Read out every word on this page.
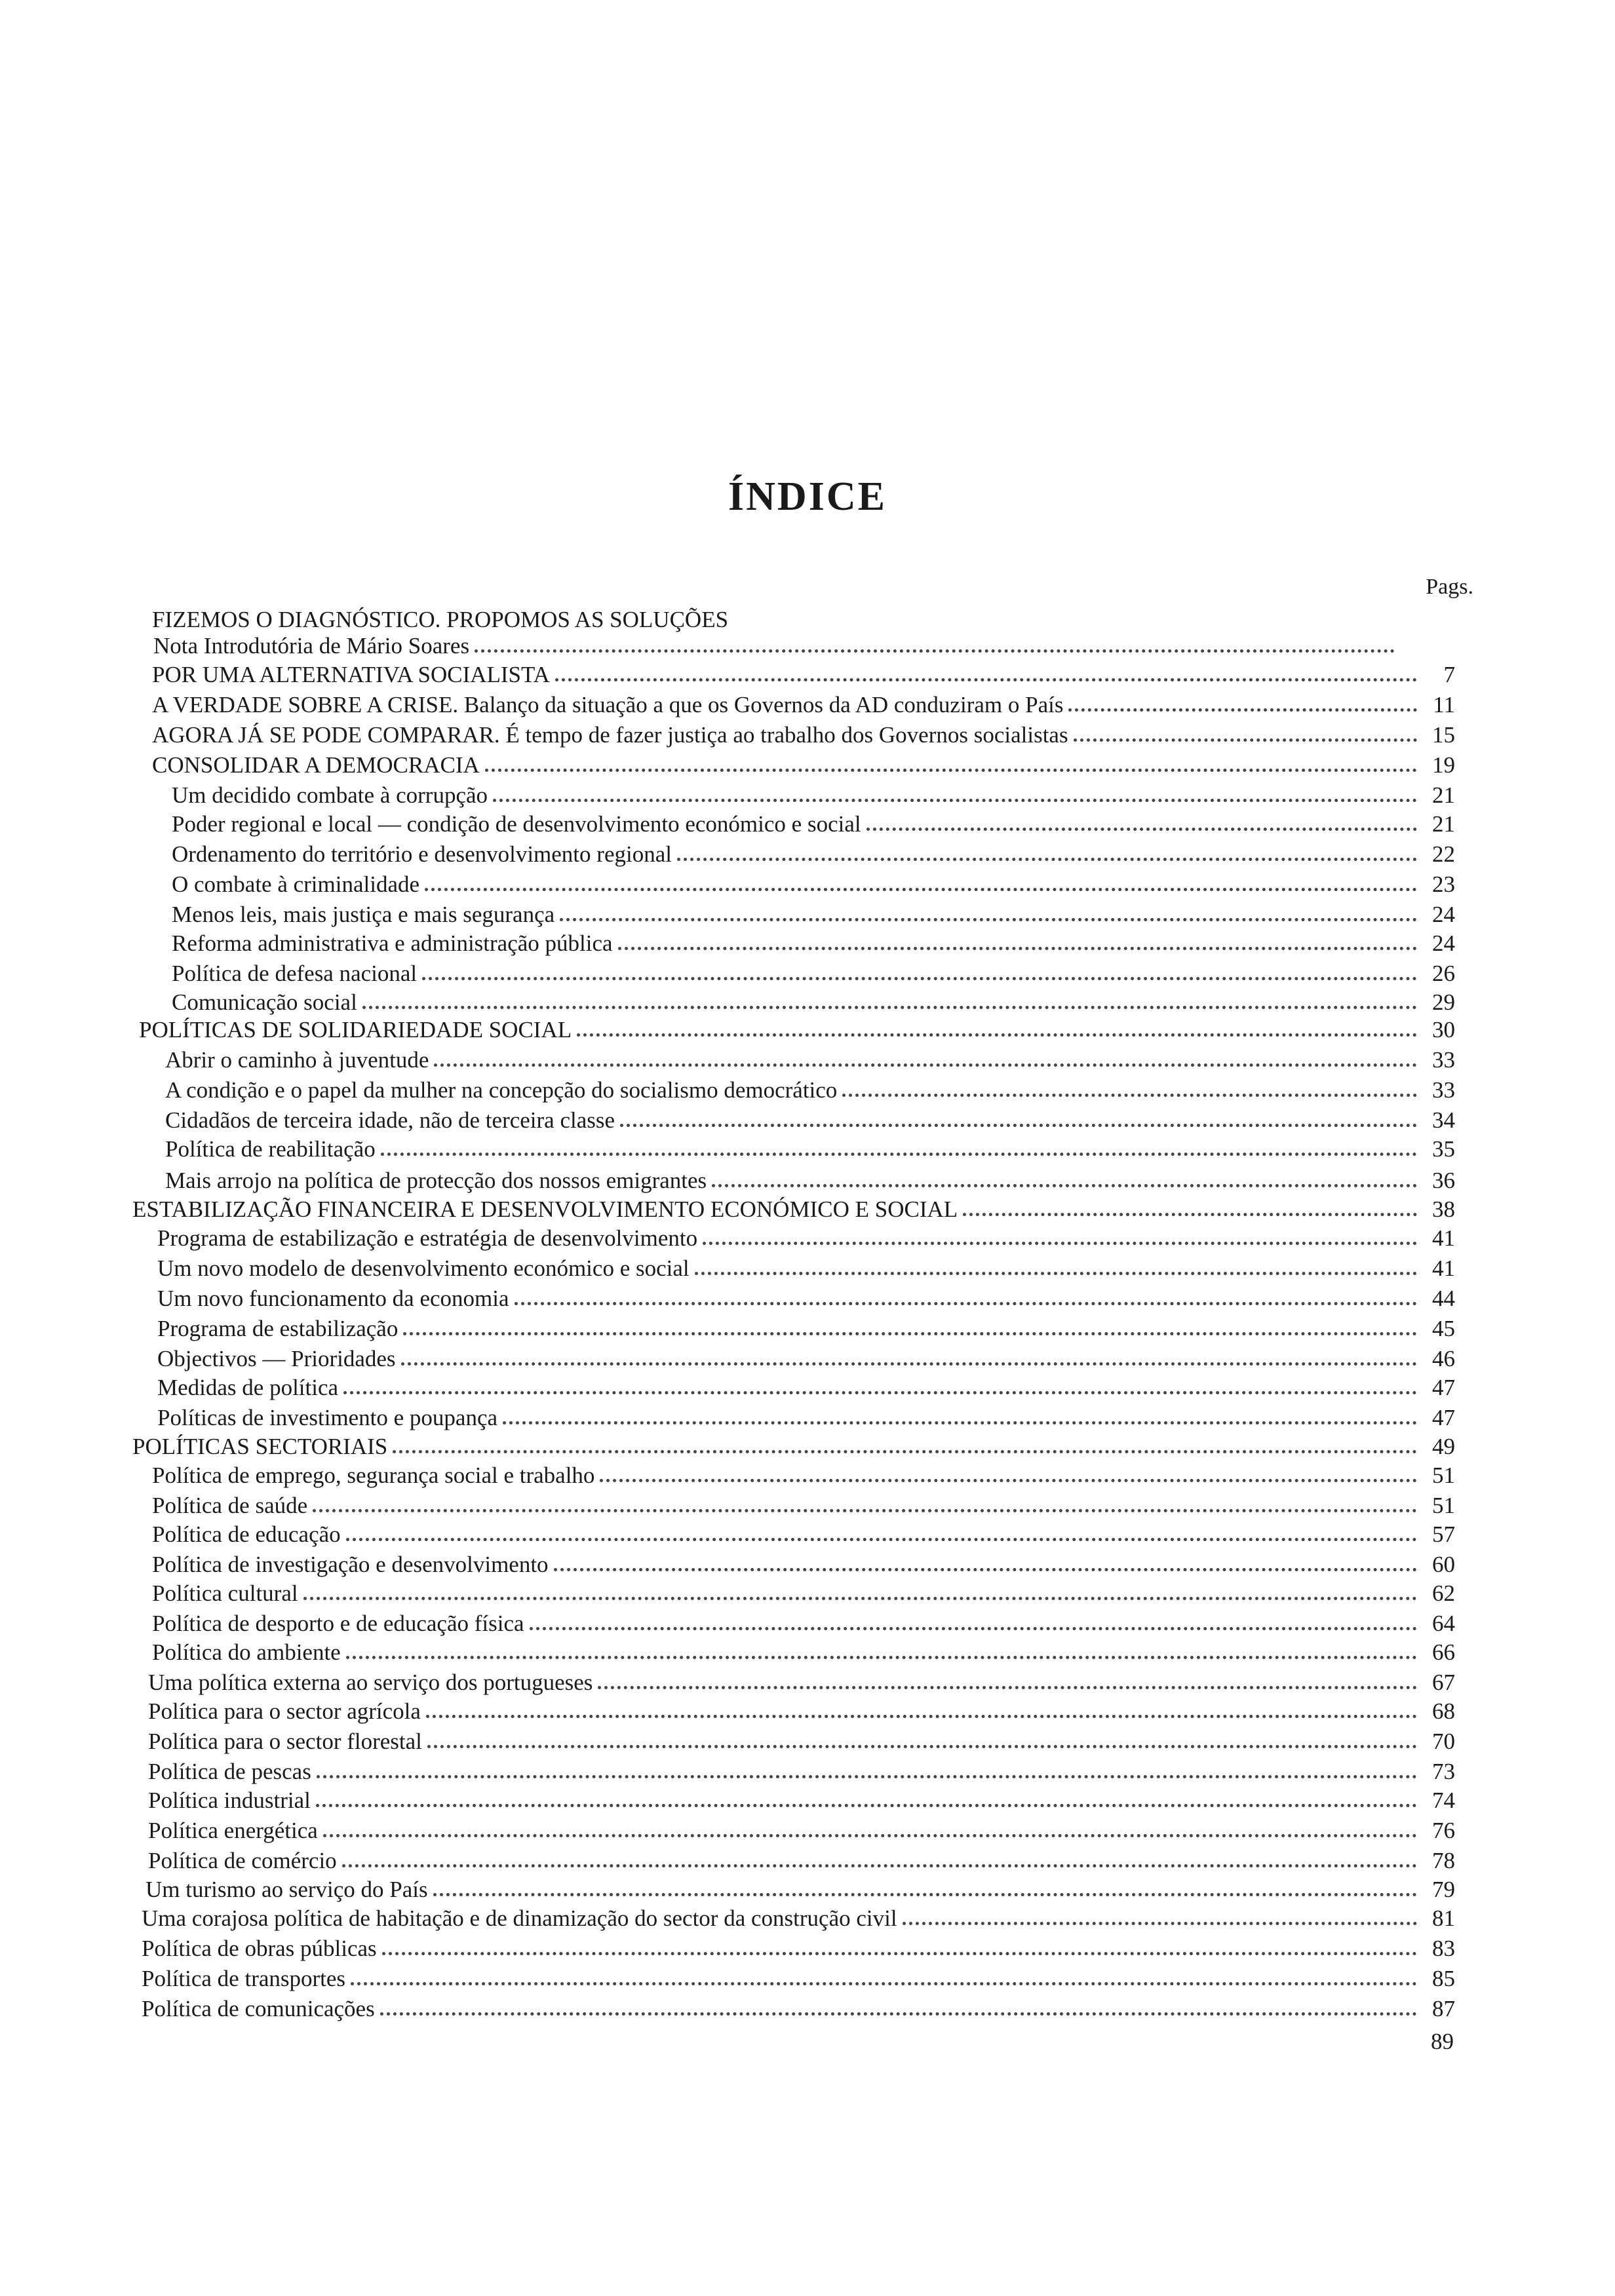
ÍNDICE
Pags.
FIZEMOS O DIAGNÓSTICO. PROPOMOS AS SOLUÇÕES
Nota Introdutória de Mário Soares
POR UMA ALTERNATIVA SOCIALISTA	7
A VERDADE SOBRE A CRISE. Balanço da situação a que os Governos da AD conduziram o País	11
AGORA JÁ SE PODE COMPARAR. É tempo de fazer justiça ao trabalho dos Governos socialistas	15
CONSOLIDAR A DEMOCRACIA	19
Um decidido combate à corrupção	21
Poder regional e local — condição de desenvolvimento económico e social	21
Ordenamento do território e desenvolvimento regional	22
O combate à criminalidade	23
Menos leis, mais justiça e mais segurança	24
Reforma administrativa e administração pública	24
Política de defesa nacional	26
Comunicação social	29
POLÍTICAS DE SOLIDARIEDADE SOCIAL	30
Abrir o caminho à juventude	33
A condição e o papel da mulher na concepção do socialismo democrático	33
Cidadãos de terceira idade, não de terceira classe	34
Política de reabilitação	35
Mais arrojo na política de protecção dos nossos emigrantes	36
ESTABILIZAÇÃO FINANCEIRA E DESENVOLVIMENTO ECONÓMICO E SOCIAL	38
Programa de estabilização e estratégia de desenvolvimento	41
Um novo modelo de desenvolvimento económico e social	41
Um novo funcionamento da economia	44
Programa de estabilização	45
Objectivos — Prioridades	46
Medidas de política	47
Políticas de investimento e poupança	47
POLÍTICAS SECTORIAIS	49
Política de emprego, segurança social e trabalho	51
Política de saúde	51
Política de educação	57
Política de investigação e desenvolvimento	60
Política cultural	62
Política de desporto e de educação física	64
Política do ambiente	66
Uma política externa ao serviço dos portugueses	67
Política para o sector agrícola	68
Política para o sector florestal	70
Política de pescas	73
Política industrial	74
Política energética	76
Política de comércio	78
Um turismo ao serviço do País	79
Uma corajosa política de habitação e de dinamização do sector da construção civil	81
Política de obras públicas	83
Política de transportes	85
Política de comunicações	87
89
